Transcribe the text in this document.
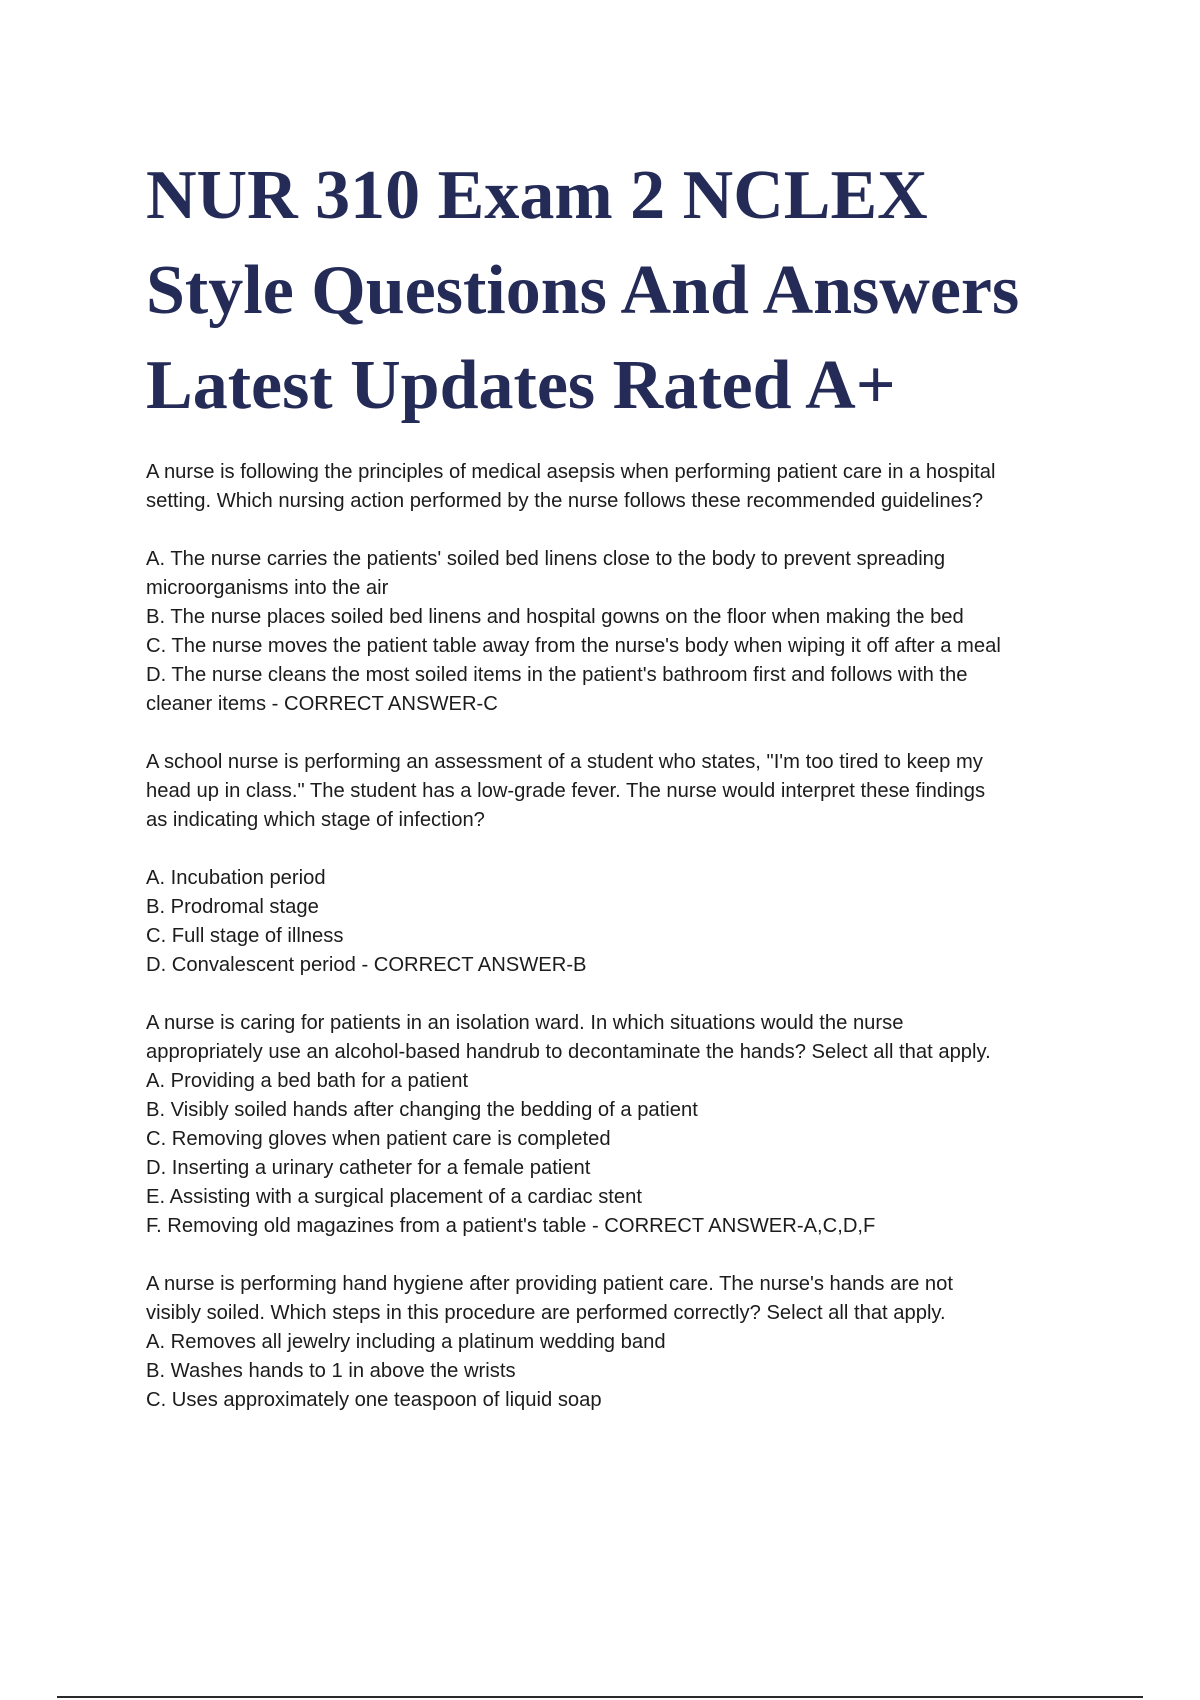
NUR 310 Exam 2 NCLEX
Style Questions And Answers
Latest Updates Rated A+
A nurse is following the principles of medical asepsis when performing patient care in a hospital
setting. Which nursing action performed by the nurse follows these recommended guidelines?
A. The nurse carries the patients' soiled bed linens close to the body to prevent spreading
microorganisms into the air
B. The nurse places soiled bed linens and hospital gowns on the floor when making the bed
C. The nurse moves the patient table away from the nurse's body when wiping it off after a meal
D. The nurse cleans the most soiled items in the patient's bathroom first and follows with the
cleaner items - CORRECT ANSWER-C
A school nurse is performing an assessment of a student who states, "I'm too tired to keep my
head up in class." The student has a low-grade fever. The nurse would interpret these findings
as indicating which stage of infection?
A. Incubation period
B. Prodromal stage
C. Full stage of illness
D. Convalescent period - CORRECT ANSWER-B
A nurse is caring for patients in an isolation ward. In which situations would the nurse
appropriately use an alcohol-based handrub to decontaminate the hands? Select all that apply.
A. Providing a bed bath for a patient
B. Visibly soiled hands after changing the bedding of a patient
C. Removing gloves when patient care is completed
D. Inserting a urinary catheter for a female patient
E. Assisting with a surgical placement of a cardiac stent
F. Removing old magazines from a patient's table - CORRECT ANSWER-A,C,D,F
A nurse is performing hand hygiene after providing patient care. The nurse's hands are not
visibly soiled. Which steps in this procedure are performed correctly? Select all that apply.
A. Removes all jewelry including a platinum wedding band
B. Washes hands to 1 in above the wrists
C. Uses approximately one teaspoon of liquid soap
